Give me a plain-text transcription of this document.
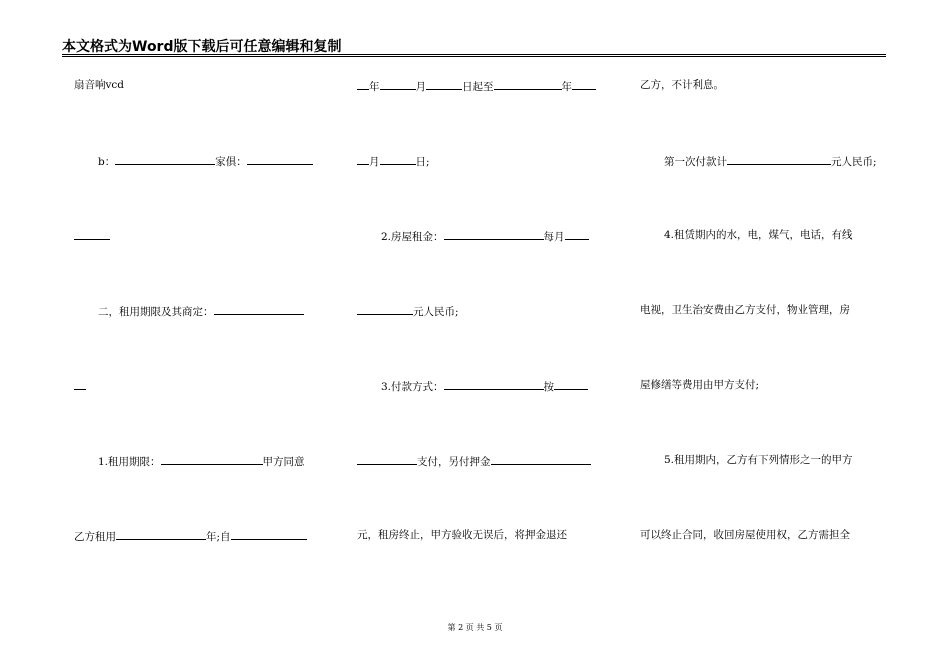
本文格式为Word版下载后可任意编辑和复制
扇音响vcd
b：	家俱：
二，租用期限及其商定：
1.租用期限：	甲方同意
乙方租用	年;自
年	月	日起至	年
月	日;
2.房屋租金：	每月
元人民币;
3.付款方式：	按
支付，另付押金
元，租房终止，甲方验收无误后，将押金退还
乙方，不计利息。
第一次付款计	元人民币;
4.租赁期内的水，电，煤气，电话，有线
电视，卫生治安费由乙方支付，物业管理，房
屋修缮等费用由甲方支付;
5.租用期内，乙方有下列情形之一的甲方
可以终止合同，收回房屋使用权，乙方需担全
第 2 页 共 5 页
